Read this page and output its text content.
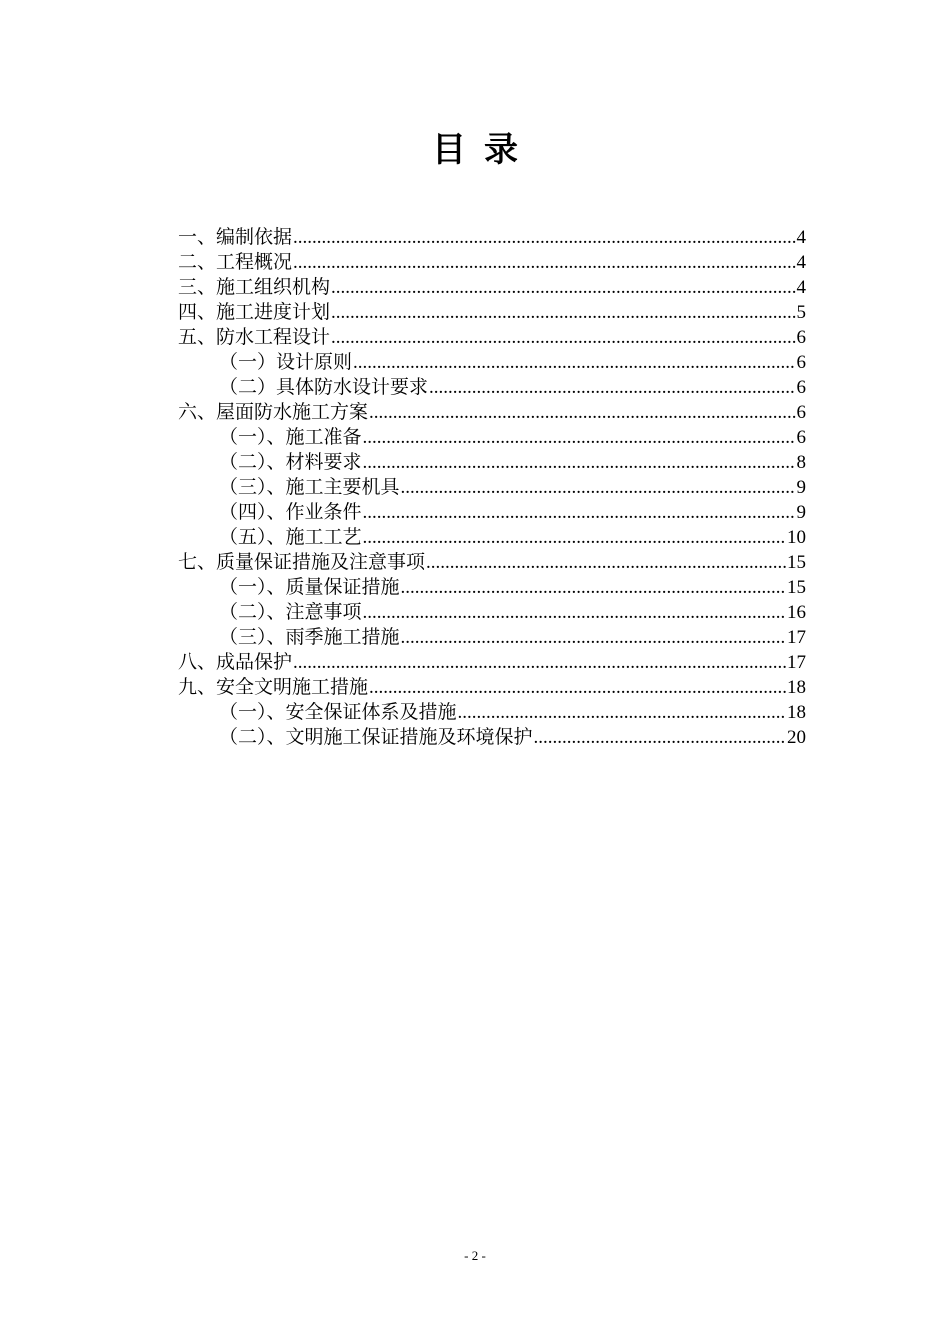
目录
一、编制依据 .....	4
二、工程概况 .....	4
三、施工组织机构 .....	4
四、施工进度计划 .....	5
五、防水工程设计 .....	6
（一）设计原则 .....	6
（二）具体防水设计要求 .....	6
六、屋面防水施工方案 .....	6
（一）、施工准备 .....	6
（二）、材料要求 .....	8
（三）、施工主要机具 .....	9
（四）、作业条件 .....	9
（五）、施工工艺 .....	10
七、质量保证措施及注意事项 .....	15
（一）、质量保证措施 .....	15
（二）、注意事项 .....	16
（三）、雨季施工措施 .....	17
八、成品保护 .....	17
九、安全文明施工措施 .....	18
（一）、安全保证体系及措施 .....	18
（二）、文明施工保证措施及环境保护 .....	20
- 2 -
